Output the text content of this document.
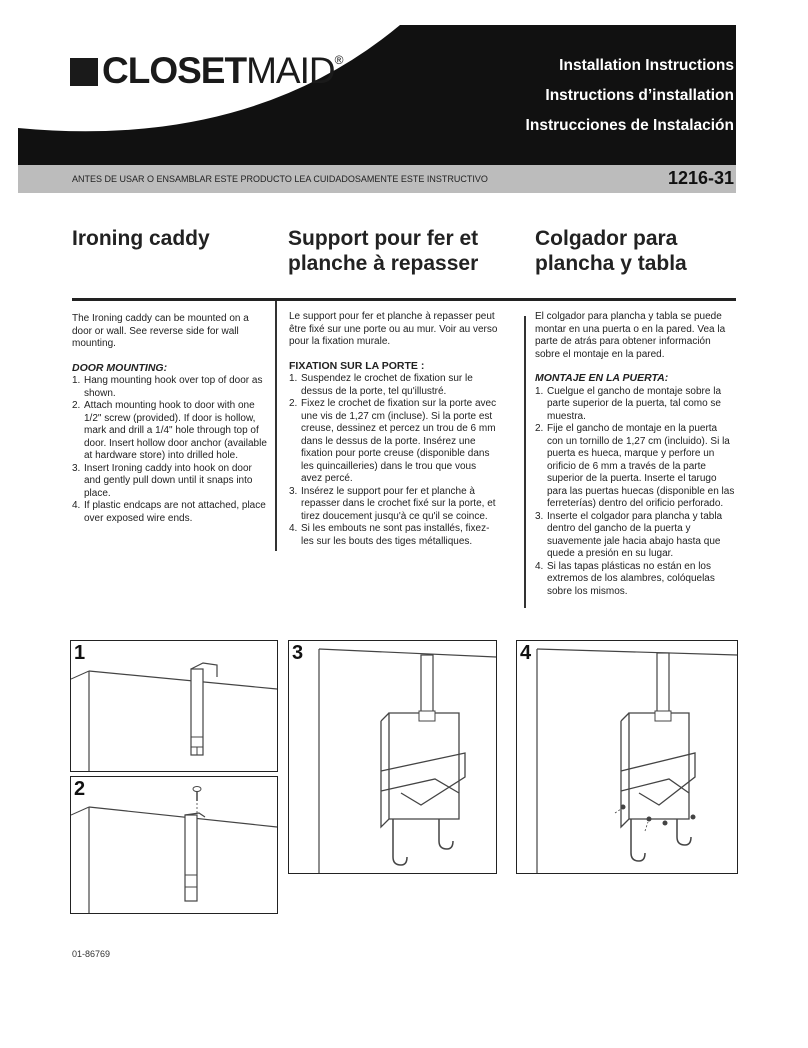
CLOSETMAID®	Installation Instructions
Instructions d’installation
Instrucciones de Instalación
ANTES DE USAR O ENSAMBLAR ESTE PRODUCTO LEA CUIDADOSAMENTE ESTE INSTRUCTIVO	1216-31
Ironing caddy	Support pour fer et planche à repasser
Colgador para plancha y tabla

The Ironing caddy can be mounted on a door or wall. See reverse side for wall mounting.

DOOR MOUNTING:
1. Hang mounting hook over top of door as shown.
2. Attach mounting hook to door with one 1/2" screw (provided). If door is hollow, mark and drill a 1/4" hole through top of door. Insert hollow door anchor (available at hardware store) into drilled hole.
3. Insert Ironing caddy into hook on door and gently pull down until it snaps into place.
4. If plastic endcaps are not attached, place over exposed wire ends.

Le support pour fer et planche à repasser peut être fixé sur une porte ou au mur. Voir au verso pour la fixation murale.

FIXATION SUR LA PORTE :
1. Suspendez le crochet de fixation sur le dessus de la porte, tel qu'illustré.
2. Fixez le crochet de fixation sur la porte avec une vis de 1,27 cm (incluse). Si la porte est creuse, dessinez et percez un trou de 6 mm dans le dessus de la porte. Insérez une fixation pour porte creuse (disponible dans les quincailleries) dans le trou que vous avez percé.
3. Insérez le support pour fer et planche à repasser dans le crochet fixé sur la porte, et tirez doucement jusqu'à ce qu'il se coince.
4. Si les embouts ne sont pas installés, fixez-les sur les bouts des tiges métalliques.

El colgador para plancha y tabla se puede montar en una puerta o en la pared. Vea la parte de atrás para obtener información sobre el montaje en la pared.

MONTAJE EN LA PUERTA:
1. Cuelgue el gancho de montaje sobre la parte superior de la puerta, tal como se muestra.
2. Fije el gancho de montaje en la puerta con un tornillo de 1,27 cm (incluido). Si la puerta es hueca, marque y perfore un orificio de 6 mm a través de la parte superior de la puerta. Inserte el tarugo para las puertas huecas (disponible en las ferreterías) dentro del orificio perforado.
3. Inserte el colgador para plancha y tabla dentro del gancho de la puerta y suavemente jale hacia abajo hasta que quede a presión en su lugar.
4. Si las tapas plásticas no están en los extremos de los alambres, colóquelas sobre los mismos.
1
2
3	4
01-86769
